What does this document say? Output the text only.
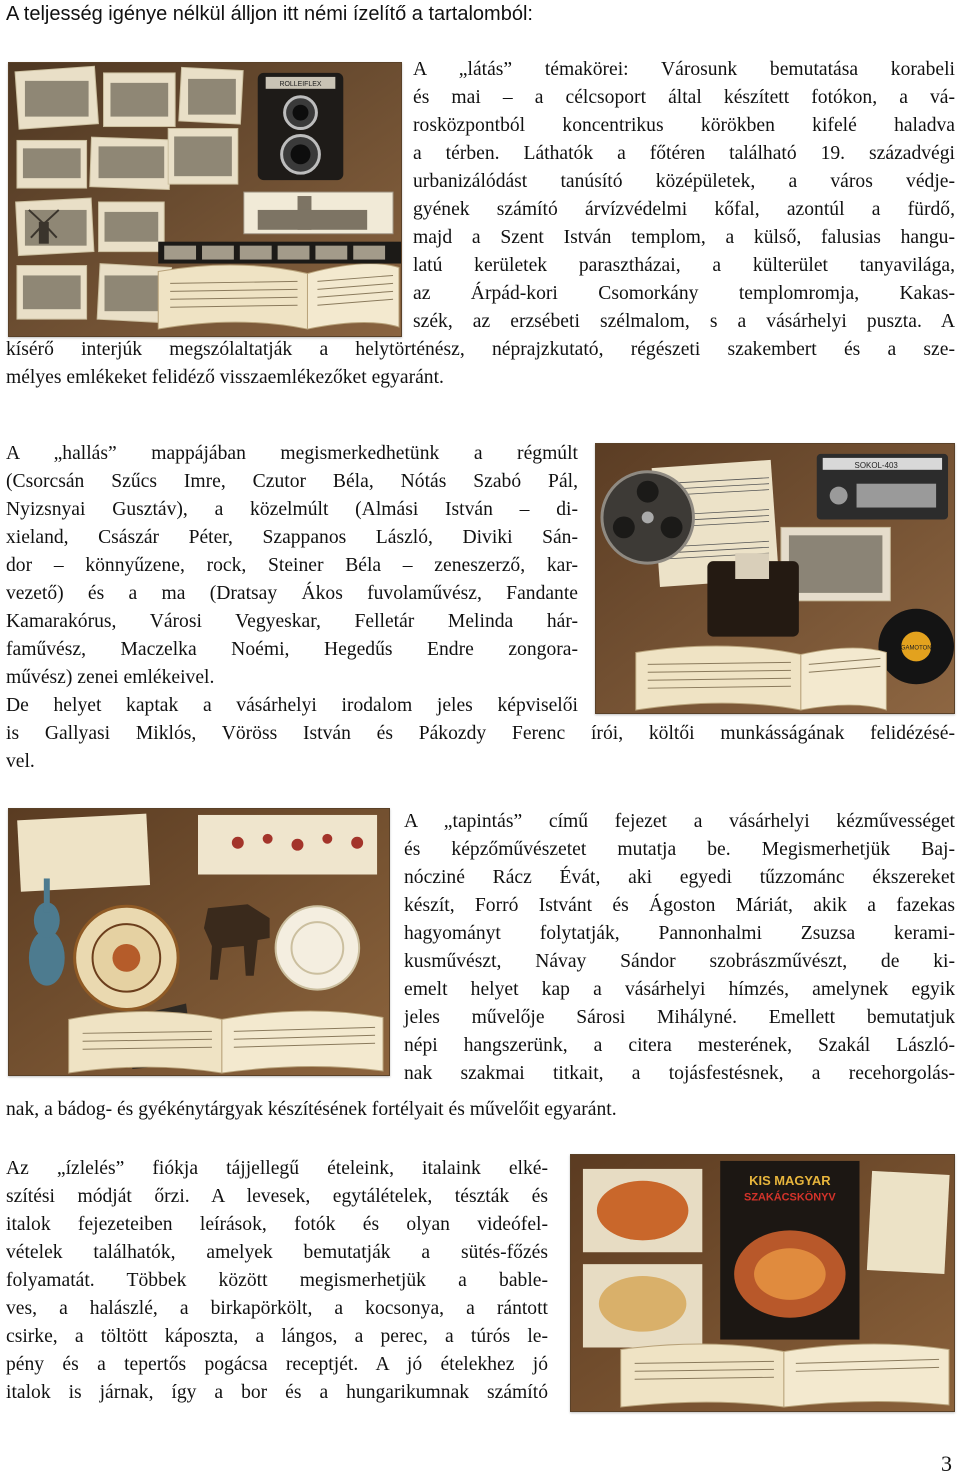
A teljesség igénye nélkül álljon itt némi ízelítő a tartalomból:
ROLLEIFLEX
A „látás” témakörei: Városunk bemutatása korabeli
és mai – a célcsoport által készített fotókon, a vá -
rosközpontból koncentrikus körökben kifelé haladva
a térben. Láthatók a főtéren található 19. századvégi
urbanizálódást tanúsító középületek, a város védje -
gyének számító árvízvédelmi kőfal, azontúl a fürdő,
majd a Szent István templom, a külső, falusias hangu -
latú kerületek parasztházai, a külterület tanyavilága,
az Árpád-kori Csomorkány templomromja, Kakas -
szék, az erzsébeti szélmalom, s a vásárhelyi puszta. A
kísérő interjúk megszólaltatják a helytörténész, néprajzkutató, régészeti szakembert és a sze -
mélyes emlékeket felidéző visszaemlékezőket egyaránt.
A „hallás” mappájában megismerkedhetünk a régmúlt
(Csorcsán Szűcs Imre, Czutor Béla, Nótás Szabó Pál,
Nyizsnyai Gusztáv), a közelmúlt (Almási István – di -
xieland, Császár Péter, Szappanos László, Diviki Sán -
dor – könnyűzene, rock, Steiner Béla – zeneszerző, kar -
vezető) és a ma (Dratsay Ákos fuvolaművész, Fandante
Kamarakórus, Városi Vegyeskar, Felletár Melinda hár -
faművész, Maczelka Noémi, Hegedűs Endre zongora -
művész) zenei emlékeivel.
De helyet kaptak a vásárhelyi irodalom jeles képviselői
SOKOL-403
GAMOTON
is Gallyasi Miklós, Vöröss István és Pákozdy Ferenc írói, költői munkásságának felidézésé -
vel.
A „tapintás” című fejezet a vásárhelyi kézművességet
és képzőművészetet mutatja be. Megismerhetjük Baj -
nócziné Rácz Évát, aki egyedi tűzzománc ékszereket
készít, Forró Istvánt és Ágoston Máriát, akik a fazekas
hagyományt folytatják, Pannonhalmi Zsuzsa kerami -
kusművészt, Návay Sándor szobrászművészt, de ki -
emelt helyet kap a vásárhelyi hímzés, amelynek egyik
jeles művelője Sárosi Mihályné. Emellett bemutatjuk
népi hangszerünk, a citera mesterének, Szakál László -
nak szakmai titkait, a tojásfestésnek, a recehorgolás -
nak, a bádog- és gyékénytárgyak készítésének fortélyait és művelőit egyaránt.
Az „ízlelés” fiókja tájjellegű ételeink, italaink elké -
szítési módját őrzi. A levesek, egytálételek, tészták és
italok fejezeteiben leírások, fotók és olyan videófel -
vételek találhatók, amelyek bemutatják a sütés-főzés
folyamatát. Többek között megismerhetjük a bable -
ves, a halászlé, a birkapörkölt, a kocsonya, a rántott
csirke, a töltött káposzta, a lángos, a perec, a túrós le -
pény és a tepertős pogácsa receptjét. A jó ételekhez jó
italok is járnak, így a bor és a hungarikumnak számító
KIS MAGYAR
SZAKÁCSKÖNYV
3
